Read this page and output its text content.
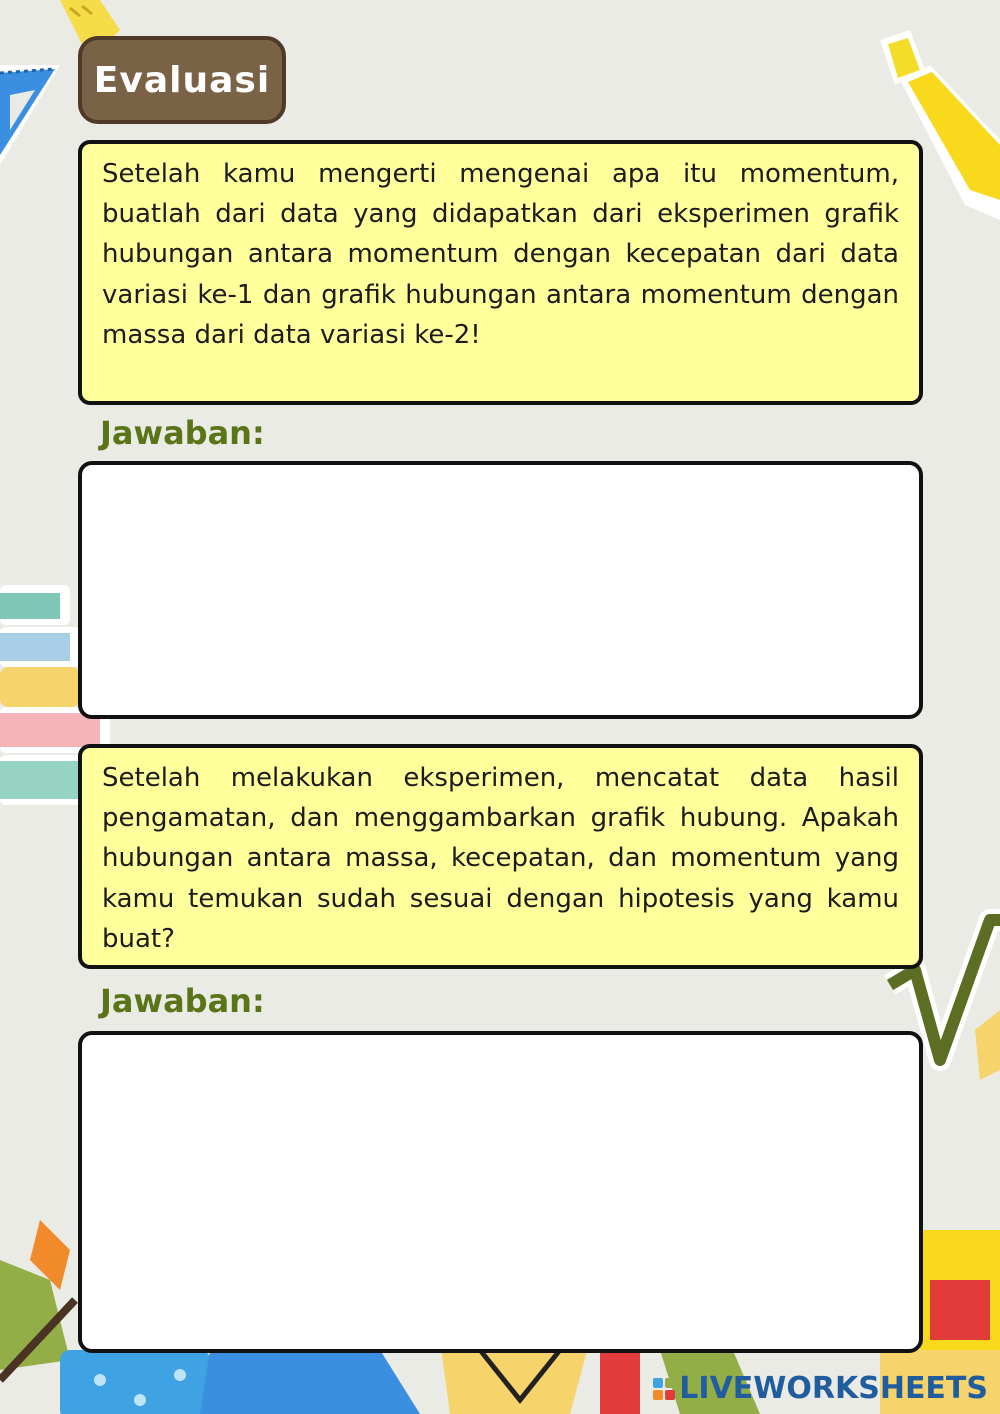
Evaluasi

Setelah kamu mengerti mengenai apa itu momentum, buatlah dari data yang didapatkan dari eksperimen grafik hubungan antara momentum dengan kecepatan dari data variasi ke-1 dan grafik hubungan antara momentum dengan massa dari data variasi ke-2!

Jawaban:

Setelah melakukan eksperimen, mencatat data hasil pengamatan, dan menggambarkan grafik hubung. Apakah hubungan antara massa, kecepatan, dan momentum yang kamu temukan sudah sesuai dengan hipotesis yang kamu buat?

Jawaban:
LIVEWORKSHEETS
